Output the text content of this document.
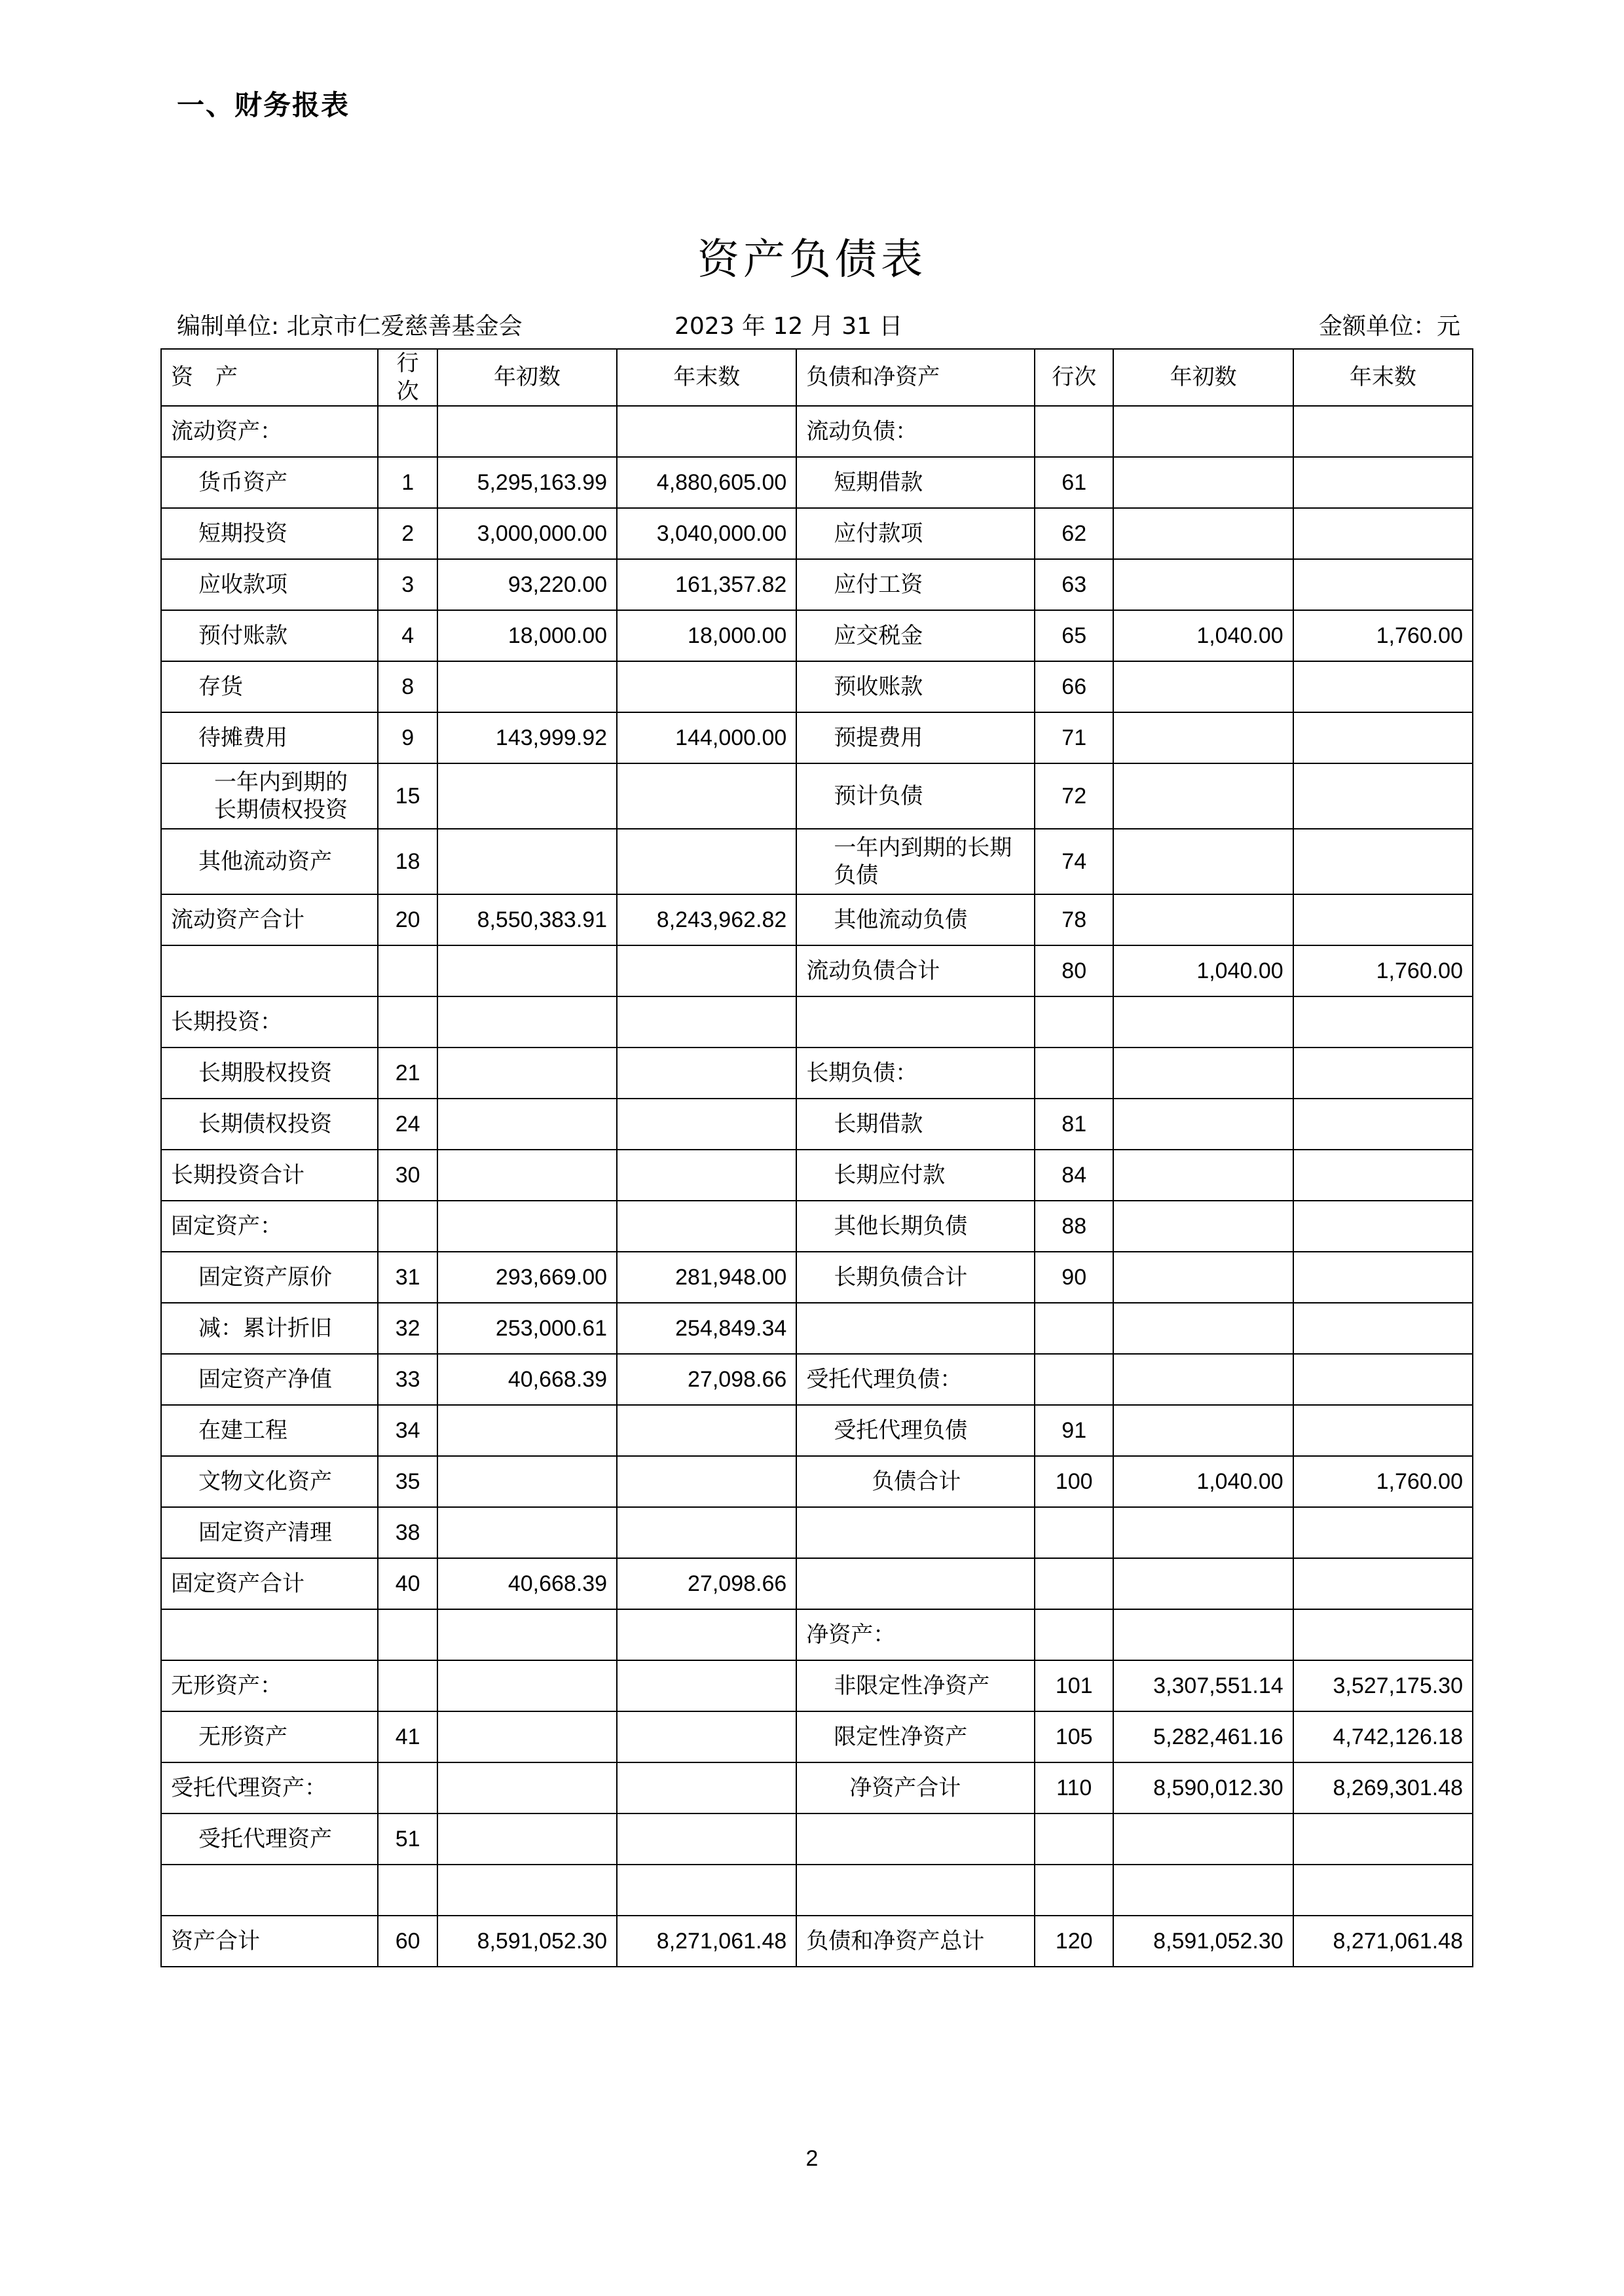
一、财务报表
资产负债表
编制单位: 北京市仁爱慈善基金会	2023 年 12 月 31 日	金额单位：元
资　产	行次	年初数	年末数	负债和净资产	行次	年初数	年末数
流动资产：				流动负债：			
货币资产	1	5,295,163.99	4,880,605.00	短期借款	61		
短期投资	2	3,000,000.00	3,040,000.00	应付款项	62		
应收款项	3	93,220.00	161,357.82	应付工资	63		
预付账款	4	18,000.00	18,000.00	应交税金	65	1,040.00	1,760.00
存货	8			预收账款	66		
待摊费用	9	143,999.92	144,000.00	预提费用	71		
一年内到期的长期债权投资	15			预计负债	72		
其他流动资产	18			一年内到期的长期负债	74		
流动资产合计	20	8,550,383.91	8,243,962.82	其他流动负债	78		
				流动负债合计	80	1,040.00	1,760.00
长期投资：							
长期股权投资	21			长期负债：			
长期债权投资	24			长期借款	81		
长期投资合计	30			长期应付款	84		
固定资产：				其他长期负债	88		
固定资产原价	31	293,669.00	281,948.00	长期负债合计	90		
减：累计折旧	32	253,000.61	254,849.34				
固定资产净值	33	40,668.39	27,098.66	受托代理负债：			
在建工程	34			受托代理负债	91		
文物文化资产	35			负债合计	100	1,040.00	1,760.00
固定资产清理	38						
固定资产合计	40	40,668.39	27,098.66				
				净资产：			
无形资产：				非限定性净资产	101	3,307,551.14	3,527,175.30
无形资产	41			限定性净资产	105	5,282,461.16	4,742,126.18
受托代理资产：				净资产合计	110	8,590,012.30	8,269,301.48
受托代理资产	51						

资产合计	60	8,591,052.30	8,271,061.48	负债和净资产总计	120	8,591,052.30	8,271,061.48
2
